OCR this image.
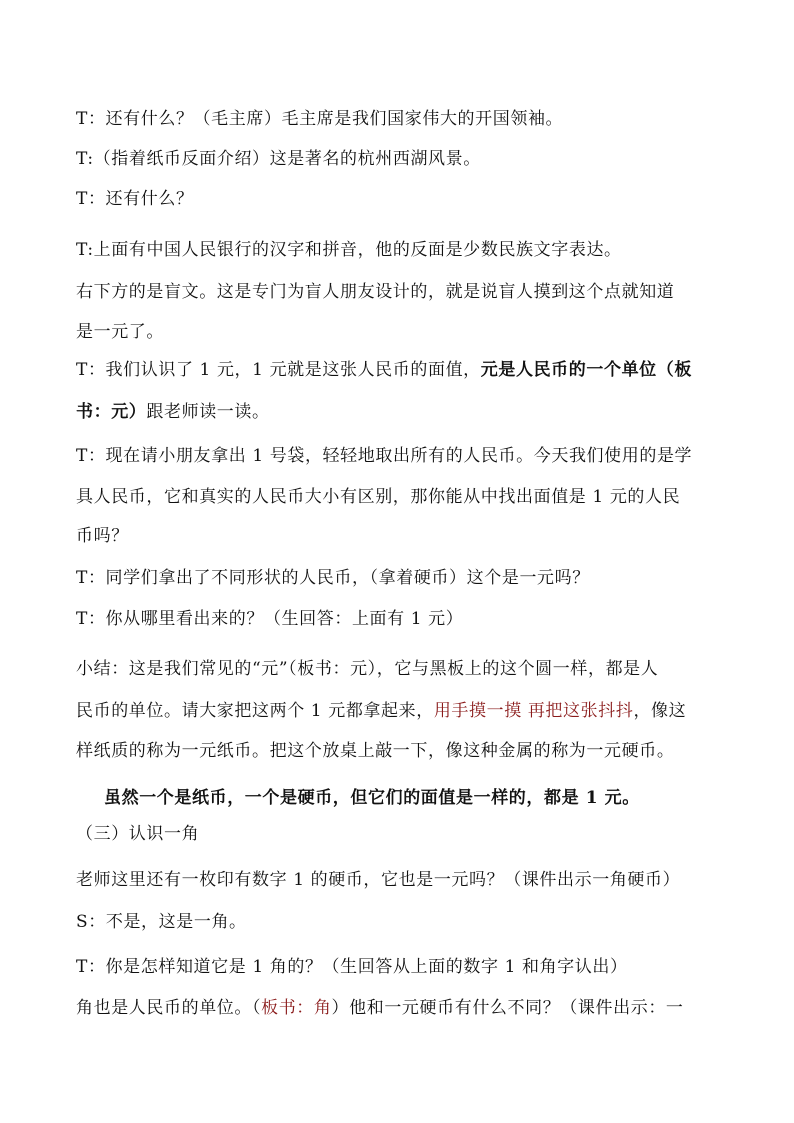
T：还有什么？（毛主席）毛主席是我们国家伟大的开国领袖。
T:（指着纸币反面介绍）这是著名的杭州西湖风景。
T：还有什么？
T:上面有中国人民银行的汉字和拼音，他的反面是少数民族文字表达。
右下方的是盲文。这是专门为盲人朋友设计的，就是说盲人摸到这个点就知道
是一元了。
T：我们认识了 1 元，1 元就是这张人民币的面值，元是人民币的一个单位（板
书：元）跟老师读一读。
T：现在请小朋友拿出 1 号袋，轻轻地取出所有的人民币。今天我们使用的是学
具人民币，它和真实的人民币大小有区别，那你能从中找出面值是 1 元的人民
币吗？
T：同学们拿出了不同形状的人民币，（拿着硬币）这个是一元吗？
T：你从哪里看出来的？（生回答：上面有 1 元）
小结：这是我们常见的“元”（板书：元），它与黑板上的这个圆一样，都是人
民币的单位。请大家把这两个 1 元都拿起来，用手摸一摸 再把这张抖抖，像这
样纸质的称为一元纸币。把这个放桌上敲一下，像这种金属的称为一元硬币。
虽然一个是纸币，一个是硬币，但它们的面值是一样的，都是 1 元。
（三）认识一角
老师这里还有一枚印有数字 1 的硬币，它也是一元吗？（课件出示一角硬币）
S：不是，这是一角。
T：你是怎样知道它是 1 角的？（生回答从上面的数字 1 和角字认出）
角也是人民币的单位。（板书：角）他和一元硬币有什么不同？（课件出示：一
